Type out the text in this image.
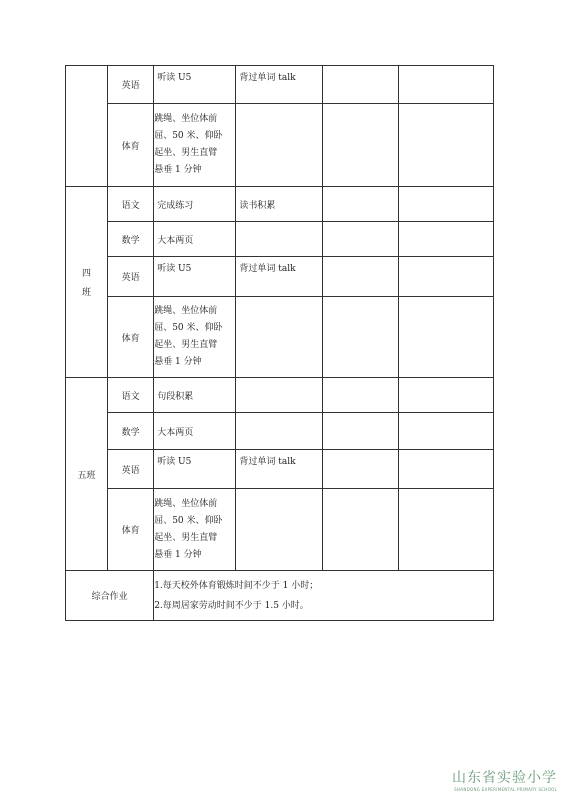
	英语	听读 U5	背过单词 talk		
	体育	跳绳、坐位体前
屈、50 米、仰卧
起坐、男生直臂
悬垂 1 分钟			

四
班	语文	完成练习	读书积累		
	数学	大本两页			
	英语	听读 U5	背过单词 talk		
	体育	跳绳、坐位体前
屈、50 米、仰卧
起坐、男生直臂
悬垂 1 分钟			

五班	语文	句段积累			
	数学	大本两页			
	英语	听读 U5	背过单词 talk		
	体育	跳绳、坐位体前
屈、50 米、仰卧
起坐、男生直臂
悬垂 1 分钟			

综合作业		1.每天校外体育锻炼时间不少于 1 小时；
2.每周居家劳动时间不少于 1.5 小时。			
山东省实验小学
SHANDONG EXPERIMENTAL PRIMARY SCHOOL
